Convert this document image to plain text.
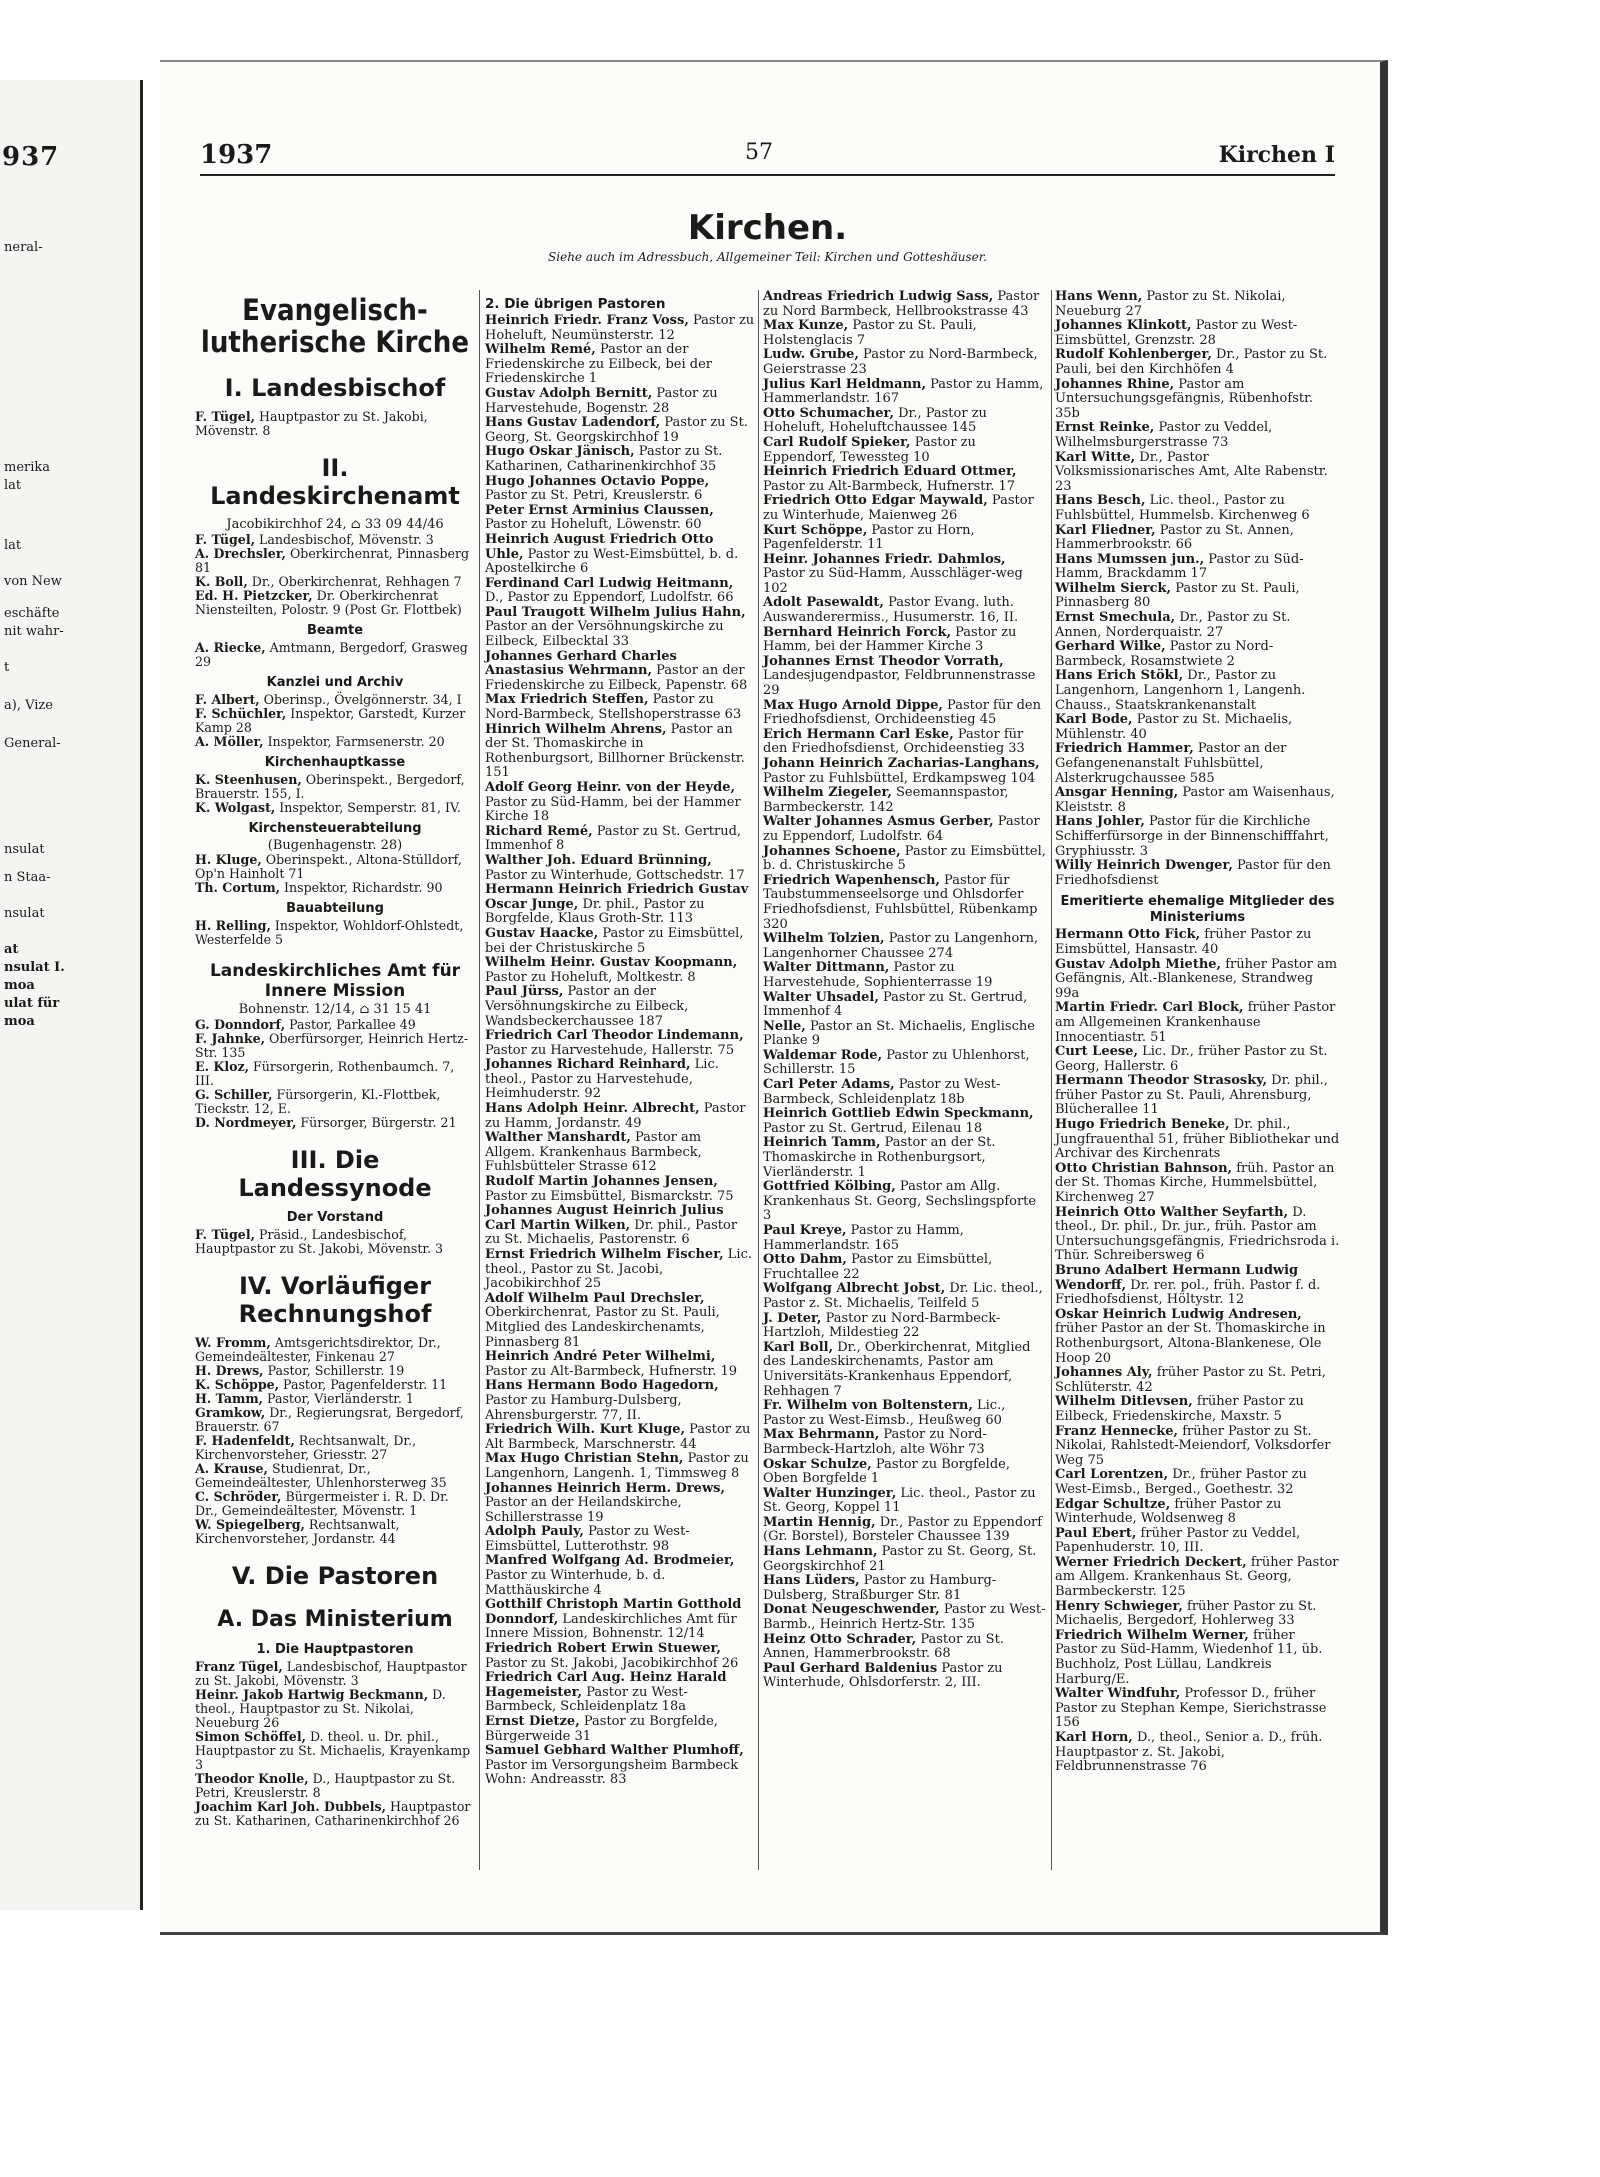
937
neral-
merika
lat
lat
von New
eschäfte
nit wahr-
t
a), Vize
General-
nsulat
n Staa-
nsulat
at
nsulat I.
moa
ulat für
moa
1937	57	Kirchen I
Kirchen.
Siehe auch im Adressbuch, Allgemeiner Teil: Kirchen und Gotteshäuser.
Evangelisch-lutherische Kirche
I. Landesbischof
F. Tügel, Hauptpastor zu St. Jakobi, Mövenstr. 8
II. Landeskirchenamt
Jacobikirchhof 24, ⌂ 33 09 44/46
F. Tügel, Landesbischof, Mövenstr. 3
A. Drechsler, Oberkirchenrat, Pinnasberg 81
K. Boll, Dr., Oberkirchenrat, Rehhagen 7
Ed. H. Pietzcker, Dr. Oberkirchenrat Niensteilten, Polostr. 9 (Post Gr. Flottbek)
Beamte
A. Riecke, Amtmann, Bergedorf, Grasweg 29
Kanzlei und Archiv
F. Albert, Oberinsp., Övelgönnerstr. 34, I
F. Schüchler, Inspektor, Garstedt, Kurzer Kamp 28
A. Möller, Inspektor, Farmsenerstr. 20
Kirchenhauptkasse
K. Steenhusen, Oberinspekt., Bergedorf, Brauerstr. 155, I.
K. Wolgast, Inspektor, Semperstr. 81, IV.
Kirchensteuerabteilung
(Bugenhagenstr. 28)
H. Kluge, Oberinspekt., Altona-Stülldorf, Op'n Hainholt 71
Th. Cortum, Inspektor, Richardstr. 90
Bauabteilung
H. Relling, Inspektor, Wohldorf-Ohlstedt, Westerfelde 5
Landeskirchliches Amt für Innere Mission
Bohnenstr. 12/14, ⌂ 31 15 41
G. Donndorf, Pastor, Parkallee 49
F. Jahnke, Oberfürsorger, Heinrich Hertz-Str. 135
E. Kloz, Fürsorgerin, Rothenbaumch. 7, III.
G. Schiller, Fürsorgerin, Kl.-Flottbek, Tieckstr. 12, E.
D. Nordmeyer, Fürsorger, Bürgerstr. 21
III. Die Landessynode
Der Vorstand
F. Tügel, Präsid., Landesbischof, Hauptpastor zu St. Jakobi, Mövenstr. 3
IV. Vorläufiger Rechnungshof
W. Fromm, Amtsgerichtsdirektor, Dr., Gemeindeältester, Finkenau 27
H. Drews, Pastor, Schillerstr. 19
K. Schöppe, Pastor, Pagenfelderstr. 11
H. Tamm, Pastor, Vierländerstr. 1
Gramkow, Dr., Regierungsrat, Bergedorf, Brauerstr. 67
F. Hadenfeldt, Rechtsanwalt, Dr., Kirchenvorsteher, Griesstr. 27
A. Krause, Studienrat, Dr., Gemeindeältester, Uhlenhorsterweg 35
C. Schröder, Bürgermeister i. R. D. Dr. Dr., Gemeindeältester, Mövenstr. 1
W. Spiegelberg, Rechtsanwalt, Kirchenvorsteher, Jordanstr. 44
V. Die Pastoren
A. Das Ministerium
1. Die Hauptpastoren
Franz Tügel, Landesbischof, Hauptpastor zu St. Jakobi, Mövenstr. 3
Heinr. Jakob Hartwig Beckmann, D. theol., Hauptpastor zu St. Nikolai, Neueburg 26
Simon Schöffel, D. theol. u. Dr. phil., Hauptpastor zu St. Michaelis, Krayenkamp 3
Theodor Knolle, D., Hauptpastor zu St. Petri, Kreuslerstr. 8
Joachim Karl Joh. Dubbels, Hauptpastor zu St. Katharinen, Catharinenkirchhof 26
2. Die übrigen Pastoren
Heinrich Friedr. Franz Voss, Pastor zu Hoheluft, Neumünsterstr. 12
Wilhelm Remé, Pastor an der Friedenskirche zu Eilbeck, bei der Friedenskirche 1
Gustav Adolph Bernitt, Pastor zu Harvestehude, Bogenstr. 28
Hans Gustav Ladendorf, Pastor zu St. Georg, St. Georgskirchhof 19
Hugo Oskar Jänisch, Pastor zu St. Katharinen, Catharinenkirchhof 35
Hugo Johannes Octavio Poppe, Pastor zu St. Petri, Kreuslerstr. 6
Peter Ernst Arminius Claussen, Pastor zu Hoheluft, Löwenstr. 60
Heinrich August Friedrich Otto Uhle, Pastor zu West-Eimsbüttel, b. d. Apostelkirche 6
Ferdinand Carl Ludwig Heitmann, D., Pastor zu Eppendorf, Ludolfstr. 66
Paul Traugott Wilhelm Julius Hahn, Pastor an der Versöhnungskirche zu Eilbeck, Eilbecktal 33
Johannes Gerhard Charles Anastasius Wehrmann, Pastor an der Friedenskirche zu Eilbeck, Papenstr. 68
Max Friedrich Steffen, Pastor zu Nord-Barmbeck, Stellshoperstrasse 63
Hinrich Wilhelm Ahrens, Pastor an der St. Thomaskirche in Rothenburgsort, Billhorner Brückenstr. 151
Adolf Georg Heinr. von der Heyde, Pastor zu Süd-Hamm, bei der Hammer Kirche 18
Richard Remé, Pastor zu St. Gertrud, Immenhof 8
Walther Joh. Eduard Brünning, Pastor zu Winterhude, Gottschedstr. 17
Hermann Heinrich Friedrich Gustav Oscar Junge, Dr. phil., Pastor zu Borgfelde, Klaus Groth-Str. 113
Gustav Haacke, Pastor zu Eimsbüttel, bei der Christuskirche 5
Wilhelm Heinr. Gustav Koopmann, Pastor zu Hoheluft, Moltkestr. 8
Paul Jürss, Pastor an der Versöhnungskirche zu Eilbeck, Wandsbeckerchaussee 187
Friedrich Carl Theodor Lindemann, Pastor zu Harvestehude, Hallerstr. 75
Johannes Richard Reinhard, Lic. theol., Pastor zu Harvestehude, Heimhuderstr. 92
Hans Adolph Heinr. Albrecht, Pastor zu Hamm, Jordanstr. 49
Walther Manshardt, Pastor am Allgem. Krankenhaus Barmbeck, Fuhlsbütteler Strasse 612
Rudolf Martin Johannes Jensen, Pastor zu Eimsbüttel, Bismarckstr. 75
Johannes August Heinrich Julius Carl Martin Wilken, Dr. phil., Pastor zu St. Michaelis, Pastorenstr. 6
Ernst Friedrich Wilhelm Fischer, Lic. theol., Pastor zu St. Jacobi, Jacobikirchhof 25
Adolf Wilhelm Paul Drechsler, Oberkirchenrat, Pastor zu St. Pauli, Mitglied des Landeskirchenamts, Pinnasberg 81
Heinrich André Peter Wilhelmi, Pastor zu Alt-Barmbeck, Hufnerstr. 19
Hans Hermann Bodo Hagedorn, Pastor zu Hamburg-Dulsberg, Ahrensburgerstr. 77, II.
Friedrich Wilh. Kurt Kluge, Pastor zu Alt Barmbeck, Marschnerstr. 44
Max Hugo Christian Stehn, Pastor zu Langenhorn, Langenh. 1, Timmsweg 8
Johannes Heinrich Herm. Drews, Pastor an der Heilandskirche, Schillerstrasse 19
Adolph Pauly, Pastor zu West-Eimsbüttel, Lutterothstr. 98
Manfred Wolfgang Ad. Brodmeier, Pastor zu Winterhude, b. d. Matthäuskirche 4
Gotthilf Christoph Martin Gotthold Donndorf, Landeskirchliches Amt für Innere Mission, Bohnenstr. 12/14
Friedrich Robert Erwin Stuewer, Pastor zu St. Jakobi, Jacobikirchhof 26
Friedrich Carl Aug. Heinz Harald Hagemeister, Pastor zu West-Barmbeck, Schleidenplatz 18a
Ernst Dietze, Pastor zu Borgfelde, Bürgerweide 31
Samuel Gebhard Walther Plumhoff, Pastor im Versorgungsheim Barmbeck Wohn: Andreasstr. 83
Andreas Friedrich Ludwig Sass, Pastor zu Nord Barmbeck, Hellbrookstrasse 43
Max Kunze, Pastor zu St. Pauli, Holstenglacis 7
Ludw. Grube, Pastor zu Nord-Barmbeck, Geierstrasse 23
Julius Karl Heldmann, Pastor zu Hamm, Hammerlandstr. 167
Otto Schumacher, Dr., Pastor zu Hoheluft, Hoheluftchaussee 145
Carl Rudolf Spieker, Pastor zu Eppendorf, Tewessteg 10
Heinrich Friedrich Eduard Ottmer, Pastor zu Alt-Barmbeck, Hufnerstr. 17
Friedrich Otto Edgar Maywald, Pastor zu Winterhude, Maienweg 26
Kurt Schöppe, Pastor zu Horn, Pagenfelderstr. 11
Heinr. Johannes Friedr. Dahmlos, Pastor zu Süd-Hamm, Ausschläger-weg 102
Adolt Pasewaldt, Pastor Evang. luth. Auswanderermiss., Husumerstr. 16, II.
Bernhard Heinrich Forck, Pastor zu Hamm, bei der Hammer Kirche 3
Johannes Ernst Theodor Vorrath, Landesjugendpastor, Feldbrunnenstrasse 29
Max Hugo Arnold Dippe, Pastor für den Friedhofsdienst, Orchideenstieg 45
Erich Hermann Carl Eske, Pastor für den Friedhofsdienst, Orchideenstieg 33
Johann Heinrich Zacharias-Langhans, Pastor zu Fuhlsbüttel, Erdkampsweg 104
Wilhelm Ziegeler, Seemannspastor, Barmbeckerstr. 142
Walter Johannes Asmus Gerber, Pastor zu Eppendorf, Ludolfstr. 64
Johannes Schoene, Pastor zu Eimsbüttel, b. d. Christuskirche 5
Friedrich Wapenhensch, Pastor für Taubstummenseelsorge und Ohlsdorfer Friedhofsdienst, Fuhlsbüttel, Rübenkamp 320
Wilhelm Tolzien, Pastor zu Langenhorn, Langenhorner Chaussee 274
Walter Dittmann, Pastor zu Harvestehude, Sophienterrasse 19
Walter Uhsadel, Pastor zu St. Gertrud, Immenhof 4
Nelle, Pastor an St. Michaelis, Englische Planke 9
Waldemar Rode, Pastor zu Uhlenhorst, Schillerstr. 15
Carl Peter Adams, Pastor zu West-Barmbeck, Schleidenplatz 18b
Heinrich Gottlieb Edwin Speckmann, Pastor zu St. Gertrud, Eilenau 18
Heinrich Tamm, Pastor an der St. Thomaskirche in Rothenburgsort, Vierländerstr. 1
Gottfried Kölbing, Pastor am Allg. Krankenhaus St. Georg, Sechslingspforte 3
Paul Kreye, Pastor zu Hamm, Hammerlandstr. 165
Otto Dahm, Pastor zu Eimsbüttel, Fruchtallee 22
Wolfgang Albrecht Jobst, Dr. Lic. theol., Pastor z. St. Michaelis, Teilfeld 5
J. Deter, Pastor zu Nord-Barmbeck-Hartzloh, Mildestieg 22
Karl Boll, Dr., Oberkirchenrat, Mitglied des Landeskirchenamts, Pastor am Universitäts-Krankenhaus Eppendorf, Rehhagen 7
Fr. Wilhelm von Boltenstern, Lic., Pastor zu West-Eimsb., Heußweg 60
Max Behrmann, Pastor zu Nord-Barmbeck-Hartzloh, alte Wöhr 73
Oskar Schulze, Pastor zu Borgfelde, Oben Borgfelde 1
Walter Hunzinger, Lic. theol., Pastor zu St. Georg, Koppel 11
Martin Hennig, Dr., Pastor zu Eppendorf (Gr. Borstel), Borsteler Chaussee 139
Hans Lehmann, Pastor zu St. Georg, St. Georgskirchhof 21
Hans Lüders, Pastor zu Hamburg-Dulsberg, Straßburger Str. 81
Donat Neugeschwender, Pastor zu West-Barmb., Heinrich Hertz-Str. 135
Heinz Otto Schrader, Pastor zu St. Annen, Hammerbrookstr. 68
Paul Gerhard Baldenius Pastor zu Winterhude, Ohlsdorferstr. 2, III.
Hans Wenn, Pastor zu St. Nikolai, Neueburg 27
Johannes Klinkott, Pastor zu West-Eimsbüttel, Grenzstr. 28
Rudolf Kohlenberger, Dr., Pastor zu St. Pauli, bei den Kirchhöfen 4
Johannes Rhine, Pastor am Untersuchungsgefängnis, Rübenhofstr. 35b
Ernst Reinke, Pastor zu Veddel, Wilhelmsburgerstrasse 73
Karl Witte, Dr., Pastor Volksmissionarisches Amt, Alte Rabenstr. 23
Hans Besch, Lic. theol., Pastor zu Fuhlsbüttel, Hummelsb. Kirchenweg 6
Karl Fliedner, Pastor zu St. Annen, Hammerbrookstr. 66
Hans Mumssen jun., Pastor zu Süd-Hamm, Brackdamm 17
Wilhelm Sierck, Pastor zu St. Pauli, Pinnasberg 80
Ernst Smechula, Dr., Pastor zu St. Annen, Norderquaistr. 27
Gerhard Wilke, Pastor zu Nord-Barmbeck, Rosamstwiete 2
Hans Erich Stökl, Dr., Pastor zu Langenhorn, Langenhorn 1, Langenh. Chauss., Staatskrankenanstalt
Karl Bode, Pastor zu St. Michaelis, Mühlenstr. 40
Friedrich Hammer, Pastor an der Gefangenenanstalt Fuhlsbüttel, Alsterkrugchaussee 585
Ansgar Henning, Pastor am Waisenhaus, Kleiststr. 8
Hans Johler, Pastor für die Kirchliche Schifferfürsorge in der Binnenschifffahrt, Gryphiusstr. 3
Willy Heinrich Dwenger, Pastor für den Friedhofsdienst
Emeritierte ehemalige Mitglieder des Ministeriums
Hermann Otto Fick, früher Pastor zu Eimsbüttel, Hansastr. 40
Gustav Adolph Miethe, früher Pastor am Gefängnis, Alt.-Blankenese, Strandweg 99a
Martin Friedr. Carl Block, früher Pastor am Allgemeinen Krankenhause Innocentiastr. 51
Curt Leese, Lic. Dr., früher Pastor zu St. Georg, Hallerstr. 6
Hermann Theodor Strasosky, Dr. phil., früher Pastor zu St. Pauli, Ahrensburg, Blücherallee 11
Hugo Friedrich Beneke, Dr. phil., Jungfrauenthal 51, früher Bibliothekar und Archivar des Kirchenrats
Otto Christian Bahnson, früh. Pastor an der St. Thomas Kirche, Hummelsbüttel, Kirchenweg 27
Heinrich Otto Walther Seyfarth, D. theol., Dr. phil., Dr. jur., früh. Pastor am Untersuchungsgefängnis, Friedrichsroda i. Thür. Schreibersweg 6
Bruno Adalbert Hermann Ludwig Wendorff, Dr. rer. pol., früh. Pastor f. d. Friedhofsdienst, Höltystr. 12
Oskar Heinrich Ludwig Andresen, früher Pastor an der St. Thomaskirche in Rothenburgsort, Altona-Blankenese, Ole Hoop 20
Johannes Aly, früher Pastor zu St. Petri, Schlüterstr. 42
Wilhelm Ditlevsen, früher Pastor zu Eilbeck, Friedenskirche, Maxstr. 5
Franz Hennecke, früher Pastor zu St. Nikolai, Rahlstedt-Meiendorf, Volksdorfer Weg 75
Carl Lorentzen, Dr., früher Pastor zu West-Eimsb., Berged., Goethestr. 32
Edgar Schultze, früher Pastor zu Winterhude, Woldsenweg 8
Paul Ebert, früher Pastor zu Veddel, Papenhuderstr. 10, III.
Werner Friedrich Deckert, früher Pastor am Allgem. Krankenhaus St. Georg, Barmbeckerstr. 125
Henry Schwieger, früher Pastor zu St. Michaelis, Bergedorf, Hohlerweg 33
Friedrich Wilhelm Werner, früher Pastor zu Süd-Hamm, Wiedenhof 11, üb. Buchholz, Post Lüllau, Landkreis Harburg/E.
Walter Windfuhr, Professor D., früher Pastor zu Stephan Kempe, Sierichstrasse 156
Karl Horn, D., theol., Senior a. D., früh. Hauptpastor z. St. Jakobi, Feldbrunnenstrasse 76
